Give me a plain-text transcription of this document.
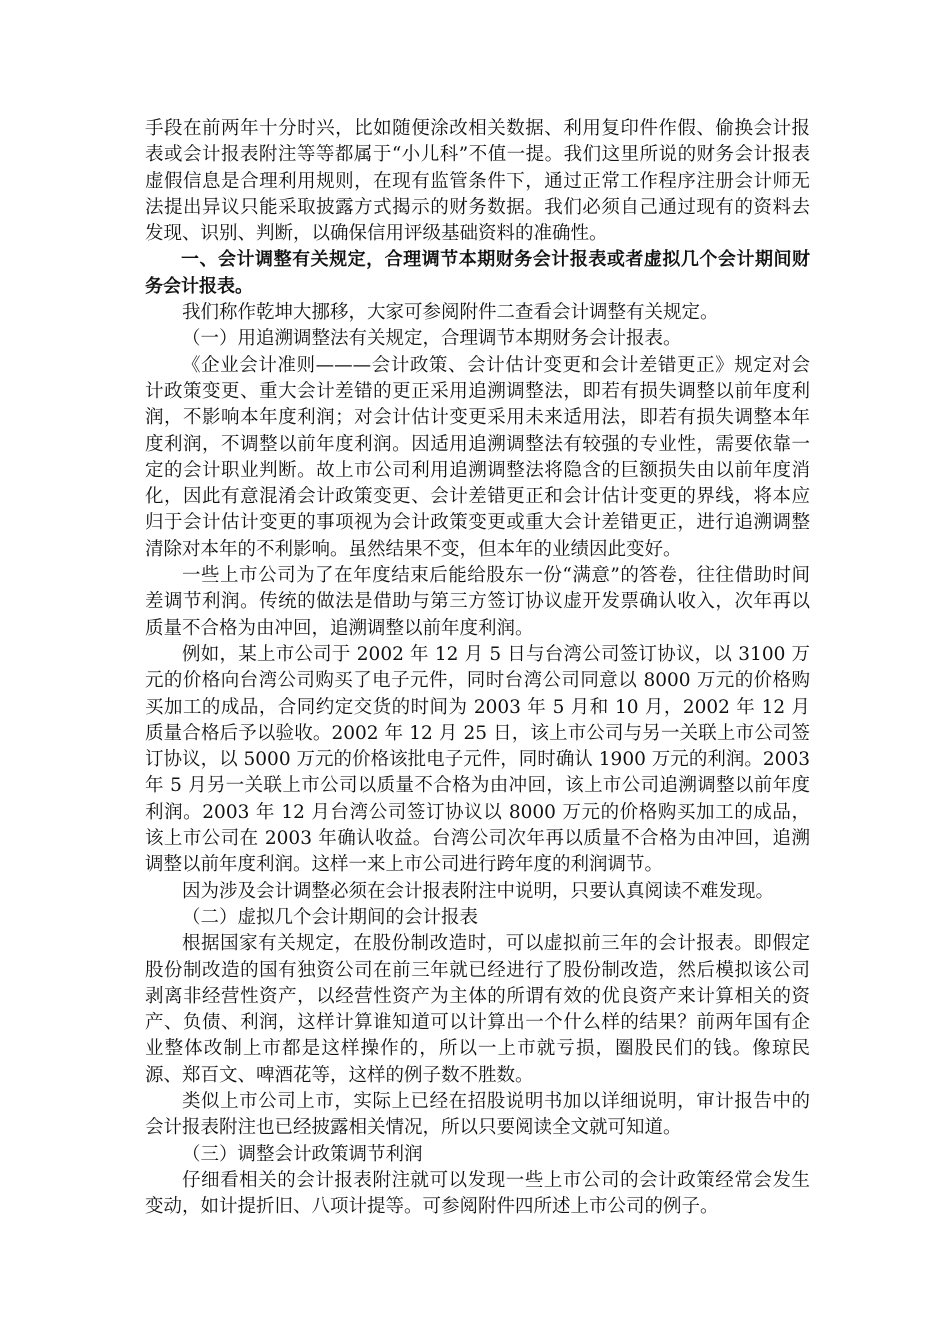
手段在前两年十分时兴，比如随便涂改相关数据、利用复印件作假、偷换会计报表或会计报表附注等等都属于“小儿科”不值一提。我们这里所说的财务会计报表虚假信息是合理利用规则，在现有监管条件下，通过正常工作程序注册会计师无法提出异议只能采取披露方式揭示的财务数据。我们必须自己通过现有的资料去发现、识别、判断，以确保信用评级基础资料的准确性。

一、会计调整有关规定，合理调节本期财务会计报表或者虚拟几个会计期间财务会计报表。

我们称作乾坤大挪移，大家可参阅附件二查看会计调整有关规定。

（一）用追溯调整法有关规定，合理调节本期财务会计报表。

《企业会计准则———会计政策、会计估计变更和会计差错更正》规定对会计政策变更、重大会计差错的更正采用追溯调整法，即若有损失调整以前年度利润，不影响本年度利润；对会计估计变更采用未来适用法，即若有损失调整本年度利润，不调整以前年度利润。因适用追溯调整法有较强的专业性，需要依靠一定的会计职业判断。故上市公司利用追溯调整法将隐含的巨额损失由以前年度消化，因此有意混淆会计政策变更、会计差错更正和会计估计变更的界线，将本应归于会计估计变更的事项视为会计政策变更或重大会计差错更正，进行追溯调整清除对本年的不利影响。虽然结果不变，但本年的业绩因此变好。

一些上市公司为了在年度结束后能给股东一份“满意”的答卷，往往借助时间差调节利润。传统的做法是借助与第三方签订协议虚开发票确认收入，次年再以质量不合格为由冲回，追溯调整以前年度利润。

例如，某上市公司于 2002 年 12 月 5 日与台湾公司签订协议，以 3100 万元的价格向台湾公司购买了电子元件，同时台湾公司同意以 8000 万元的价格购买加工的成品，合同约定交货的时间为 2003 年 5 月和 10 月，2002 年 12 月质量合格后予以验收。2002 年 12 月 25 日，该上市公司与另一关联上市公司签订协议，以 5000 万元的价格该批电子元件，同时确认 1900 万元的利润。2003 年 5 月另一关联上市公司以质量不合格为由冲回，该上市公司追溯调整以前年度利润。2003 年 12 月台湾公司签订协议以 8000 万元的价格购买加工的成品，该上市公司在 2003 年确认收益。台湾公司次年再以质量不合格为由冲回，追溯调整以前年度利润。这样一来上市公司进行跨年度的利润调节。

因为涉及会计调整必须在会计报表附注中说明，只要认真阅读不难发现。

（二）虚拟几个会计期间的会计报表

根据国家有关规定，在股份制改造时，可以虚拟前三年的会计报表。即假定股份制改造的国有独资公司在前三年就已经进行了股份制改造，然后模拟该公司剥离非经营性资产，以经营性资产为主体的所谓有效的优良资产来计算相关的资产、负债、利润，这样计算谁知道可以计算出一个什么样的结果？前两年国有企业整体改制上市都是这样操作的，所以一上市就亏损，圈股民们的钱。像琼民源、郑百文、啤酒花等，这样的例子数不胜数。

类似上市公司上市，实际上已经在招股说明书加以详细说明，审计报告中的会计报表附注也已经披露相关情况，所以只要阅读全文就可知道。

（三）调整会计政策调节利润

仔细看相关的会计报表附注就可以发现一些上市公司的会计政策经常会发生变动，如计提折旧、八项计提等。可参阅附件四所述上市公司的例子。
